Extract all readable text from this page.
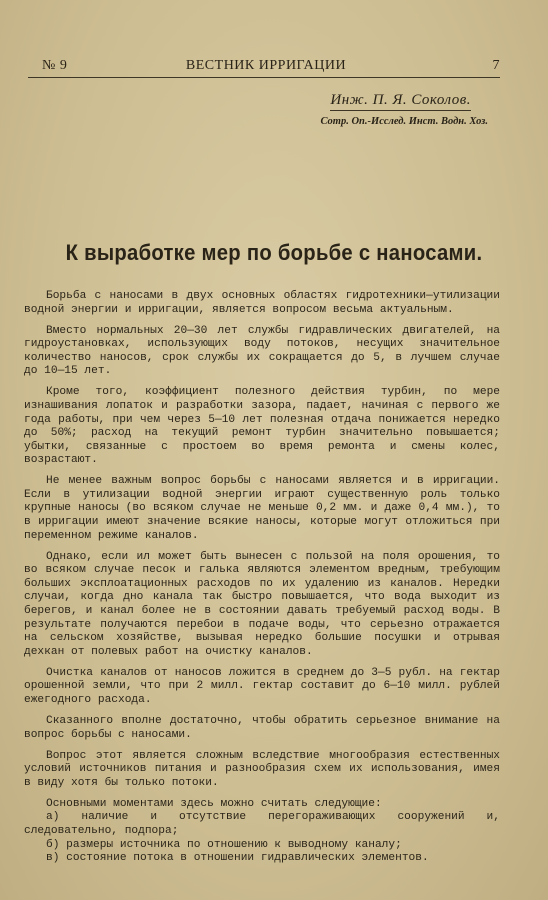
№ 9	ВЕСТНИК ИРРИГАЦИИ	7
Инж. П. Я. Соколов.
Сотр. Оп.-Исслед. Инст. Водн. Хоз.
К выработке мер по борьбе с наносами.

Борьба с наносами в двух основных областях гидротехники—утилизации водной энергии и ирригации, является вопросом весьма актуальным.

Вместо нормальных 20—30 лет службы гидравлических двигателей, на гидроустановках, использующих воду потоков, несущих значительное количество наносов, срок службы их сокращается до 5, в лучшем случае до 10—15 лет.

Кроме того, коэффициент полезного действия турбин, по мере изнашивания лопаток и разработки зазора, падает, начиная с первого же года работы, при чем через 5—10 лет полезная отдача понижается нередко до 50%; расход на текущий ремонт турбин значительно повышается; убытки, связанные с простоем во время ремонта и смены колес, возрастают.

Не менее важным вопрос борьбы с наносами является и в ирригации. Если в утилизации водной энергии играют существенную роль только крупные наносы (во всяком случае не меньше 0,2 мм. и даже 0,4 мм.), то в ирригации имеют значение всякие наносы, которые могут отложиться при переменном режиме каналов.

Однако, если ил может быть вынесен с пользой на поля орошения, то во всяком случае песок и галька являются элементом вредным, требующим больших эксплоатационных расходов по их удалению из каналов. Нередки случаи, когда дно канала так быстро повышается, что вода выходит из берегов, и канал более не в состоянии давать требуемый расход воды. В результате получаются перебои в подаче воды, что серьезно отражается на сельском хозяйстве, вызывая нередко большие посушки и отрывая дехкан от полевых работ на очистку каналов.

Очистка каналов от наносов ложится в среднем до 3—5 рубл. на гектар орошенной земли, что при 2 милл. гектар составит до 6—10 милл. рублей ежегодного расхода.

Сказанного вполне достаточно, чтобы обратить серьезное внимание на вопрос борьбы с наносами.

Вопрос этот является сложным вследствие многообразия естественных условий источников питания и разнообразия схем их использования, имея в виду хотя бы только потоки.

Основными моментами здесь можно считать следующие:

а) наличие и отсутствие перегораживающих сооружений и, следовательно, подпора;

б) размеры источника по отношению к выводному каналу;

в) состояние потока в отношении гидравлических элементов.
